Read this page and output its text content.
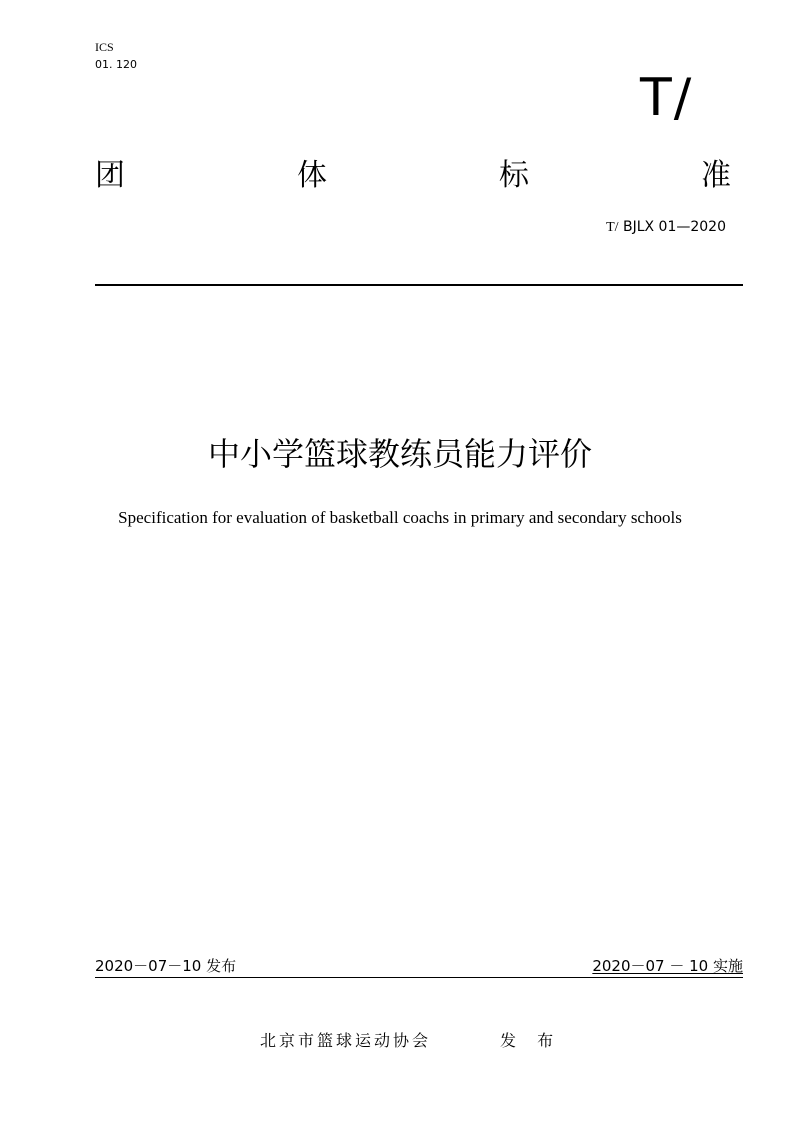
ICS
01. 120
T/
团	体	标	准
T/ BJLX 01—2020
中小学篮球教练员能力评价
Specification for evaluation of basketball coachs in primary and secondary schools
2020－07－10 发布	2020－07 － 10 实施
北京市篮球运动协会	发 布
